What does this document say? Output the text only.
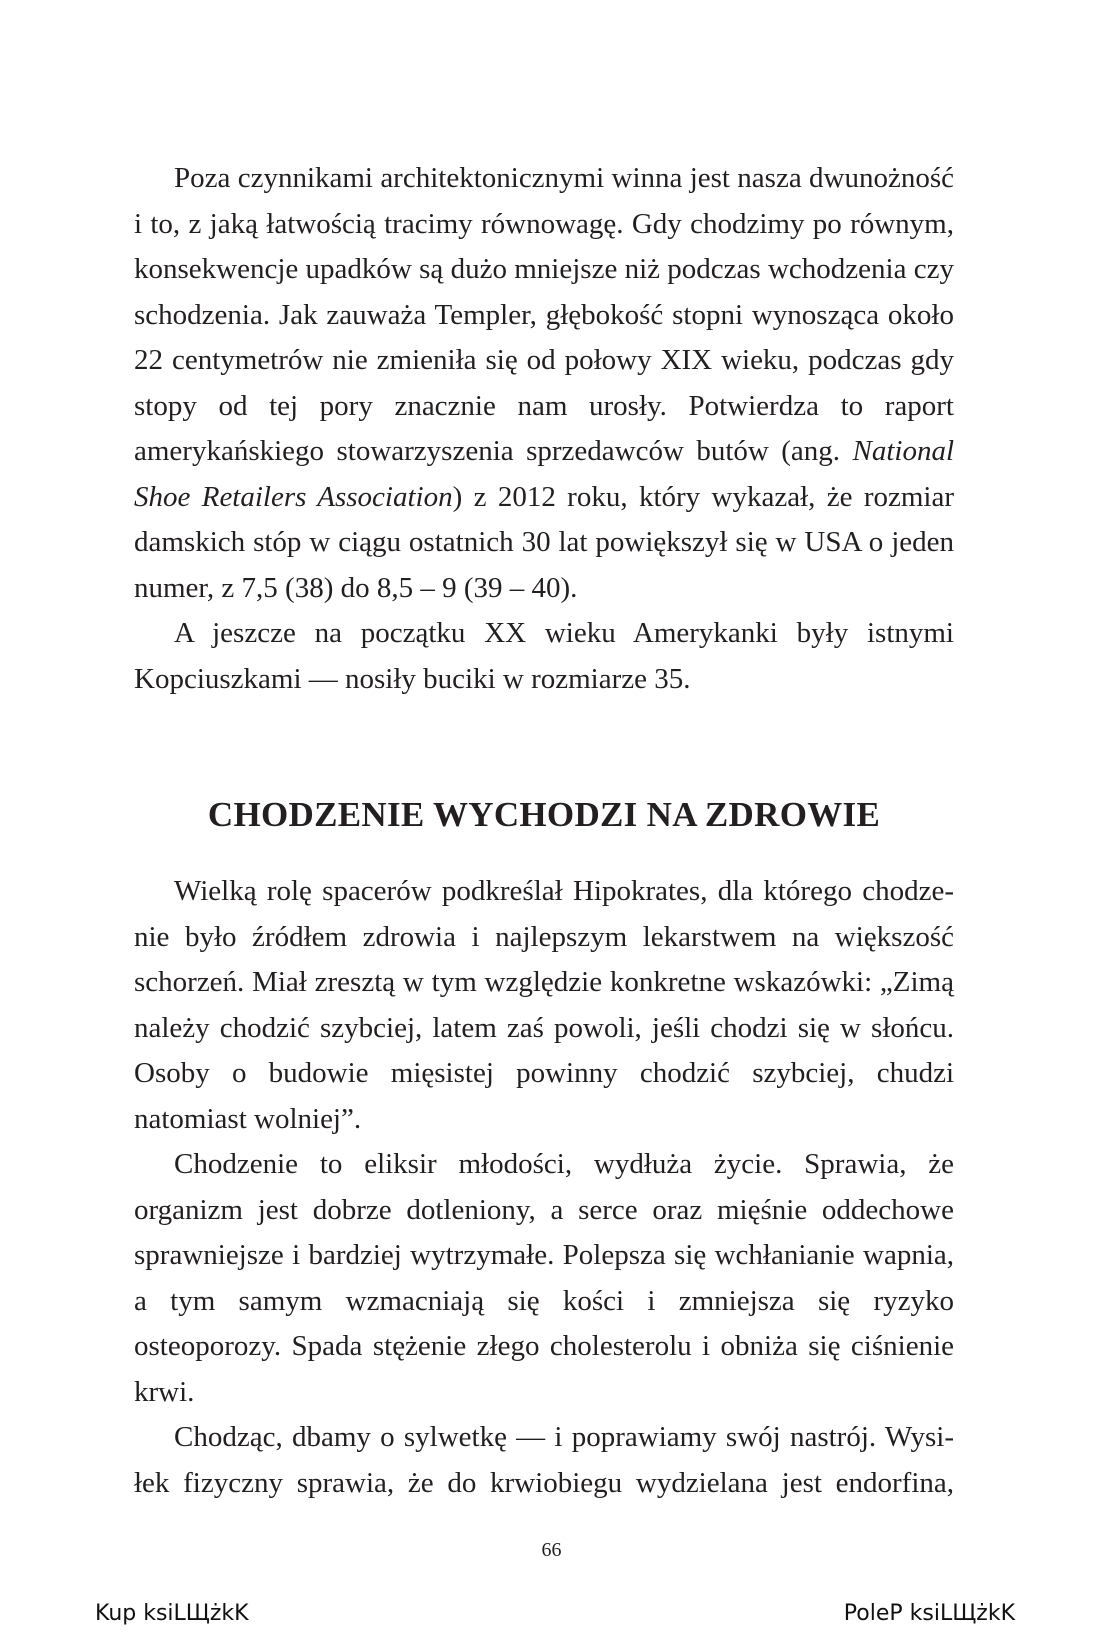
Poza czynnikami architektonicznymi winna jest nasza dwunożność i to, z jaką łatwością tracimy równowagę. Gdy chodzimy po równym, konsekwencje upadków są dużo mniejsze niż podczas wchodzenia czy schodzenia. Jak zauważa Templer, głębokość stopni wynosząca około 22 centymetrów nie zmieniła się od połowy XIX wieku, podczas gdy stopy od tej pory znacznie nam urosły. Potwierdza to raport amerykańskiego stowarzyszenia sprzedawców butów (ang. National Shoe Retailers Association) z 2012 roku, który wykazał, że rozmiar damskich stóp w ciągu ostatnich 30 lat powiększył się w USA o jeden numer, z 7,5 (38) do 8,5 – 9 (39 – 40).

A jeszcze na początku XX wieku Amerykanki były istnymi Kopciuszkami — nosiły buciki w rozmiarze 35.

CHODZENIE WYCHODZI NA ZDROWIE

Wielką rolę spacerów podkreślał Hipokrates, dla którego chodzenie było źródłem zdrowia i najlepszym lekarstwem na większość schorzeń. Miał zresztą w tym względzie konkretne wskazówki: „Zimą należy chodzić szybciej, latem zaś powoli, jeśli chodzi się w słońcu. Osoby o budowie mięsistej powinny chodzić szybciej, chudzi natomiast wolniej”.

Chodzenie to eliksir młodości, wydłuża życie. Sprawia, że organizm jest dobrze dotleniony, a serce oraz mięśnie oddechowe sprawniejsze i bardziej wytrzymałe. Polepsza się wchłanianie wapnia, a tym samym wzmacniają się kości i zmniejsza się ryzyko osteoporozy. Spada stężenie złego cholesterolu i obniża się ciśnienie krwi.

Chodząc, dbamy o sylwetkę — i poprawiamy swój nastrój. Wysiłek fizyczny sprawia, że do krwiobiegu wydzielana jest endorfina,

66
Kup ksiLЩżkK	PoleP ksiLЩżkK
